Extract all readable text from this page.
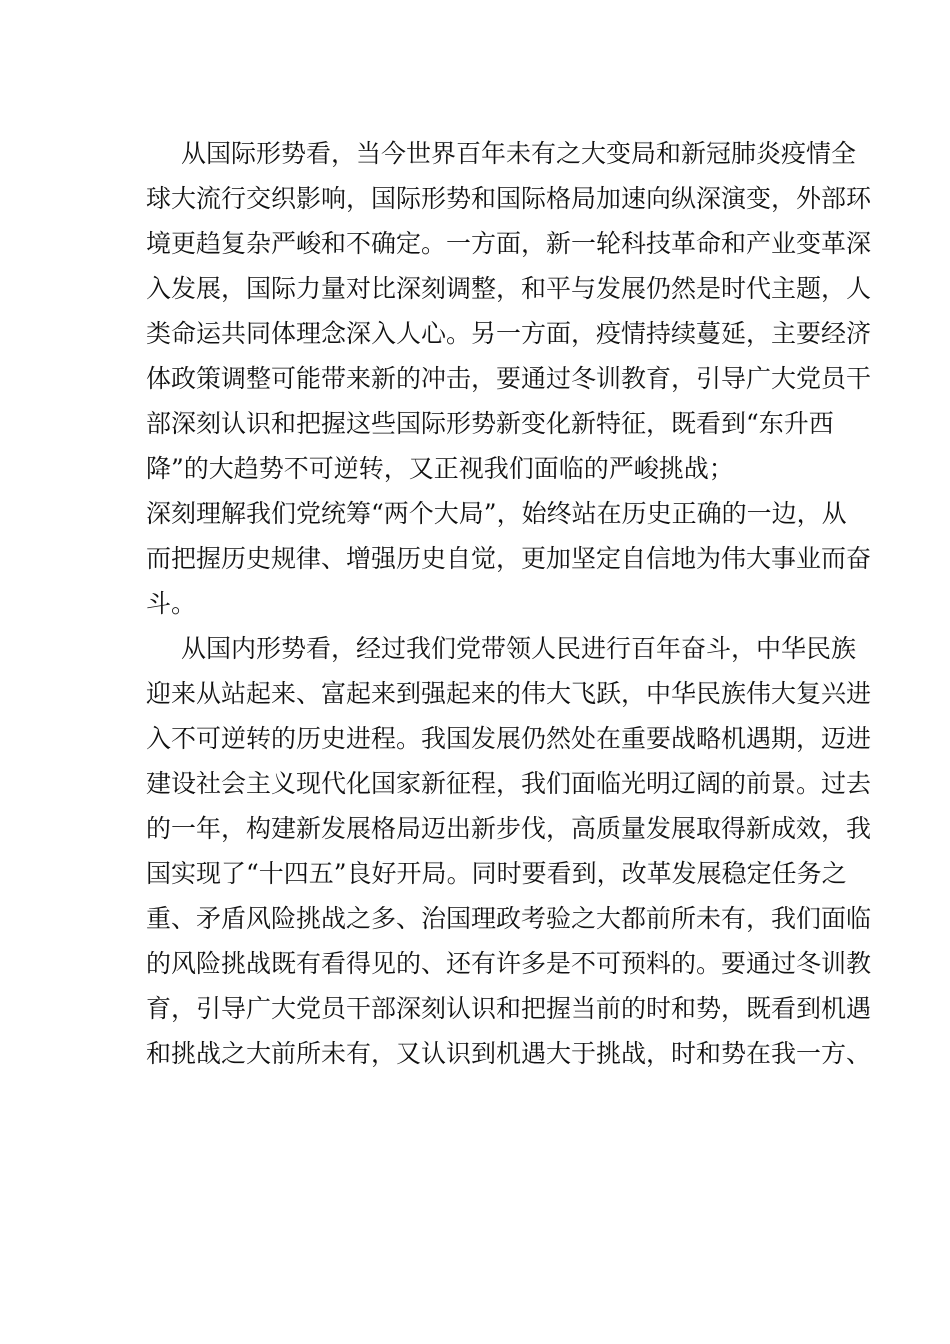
从国际形势看，当今世界百年未有之大变局和新冠肺炎疫情全
球大流行交织影响，国际形势和国际格局加速向纵深演变，外部环
境更趋复杂严峻和不确定。一方面，新一轮科技革命和产业变革深
入发展，国际力量对比深刻调整，和平与发展仍然是时代主题，人
类命运共同体理念深入人心。另一方面，疫情持续蔓延，主要经济
体政策调整可能带来新的冲击，要通过冬训教育，引导广大党员干
部深刻认识和把握这些国际形势新变化新特征，既看到“东升西
降”的大趋势不可逆转，又正视我们面临的严峻挑战；
深刻理解我们党统筹“两个大局”，始终站在历史正确的一边，从
而把握历史规律、增强历史自觉，更加坚定自信地为伟大事业而奋
斗。
从国内形势看，经过我们党带领人民进行百年奋斗，中华民族
迎来从站起来、富起来到强起来的伟大飞跃，中华民族伟大复兴进
入不可逆转的历史进程。我国发展仍然处在重要战略机遇期，迈进
建设社会主义现代化国家新征程，我们面临光明辽阔的前景。过去
的一年，构建新发展格局迈出新步伐，高质量发展取得新成效，我
国实现了“十四五”良好开局。同时要看到，改革发展稳定任务之
重、矛盾风险挑战之多、治国理政考验之大都前所未有，我们面临
的风险挑战既有看得见的、还有许多是不可预料的。要通过冬训教
育，引导广大党员干部深刻认识和把握当前的时和势，既看到机遇
和挑战之大前所未有，又认识到机遇大于挑战，时和势在我一方、
